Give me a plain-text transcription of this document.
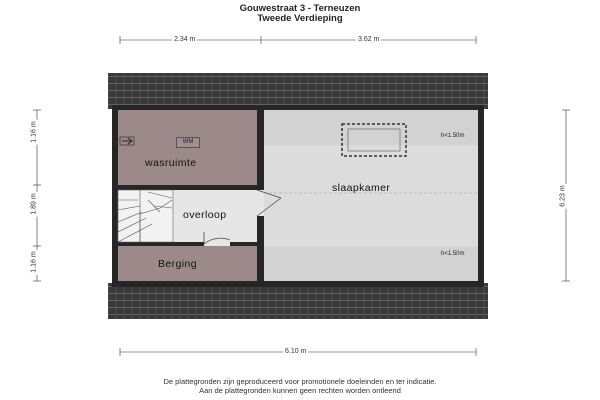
Gouwestraat 3 - Terneuzen
Tweede Verdieping
2.34 m	3.62 m
6.10 m
1.16 m
1.89 m
1.16 m
6.23 m
wasruimte
WM
overloop
Berging
slaapkamer
h<1.50m
h<1.50m
De plattegronden zijn geproduceerd voor promotionele doeleinden en ter indicatie.
Aan de plattegronden kunnen geen rechten worden ontleend
